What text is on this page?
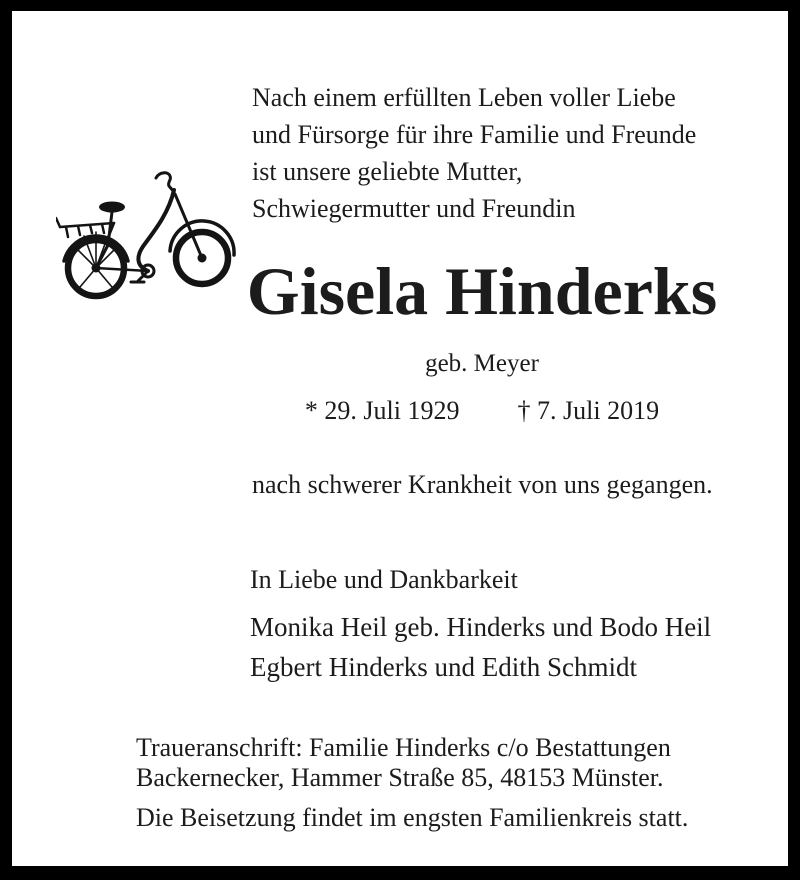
Nach einem erfüllten Leben voller Liebe
und Fürsorge für ihre Familie und Freunde
ist unsere geliebte Mutter,
Schwiegermutter und Freundin
Gisela Hinderks
geb. Meyer
* 29. Juli 1929 † 7. Juli 2019
nach schwerer Krankheit von uns gegangen.
In Liebe und Dankbarkeit
Monika Heil geb. Hinderks und Bodo Heil
Egbert Hinderks und Edith Schmidt
Traueranschrift: Familie Hinderks c/o Bestattungen
Backernecker, Hammer Straße 85, 48153 Münster.
Die Beisetzung findet im engsten Familienkreis statt.
